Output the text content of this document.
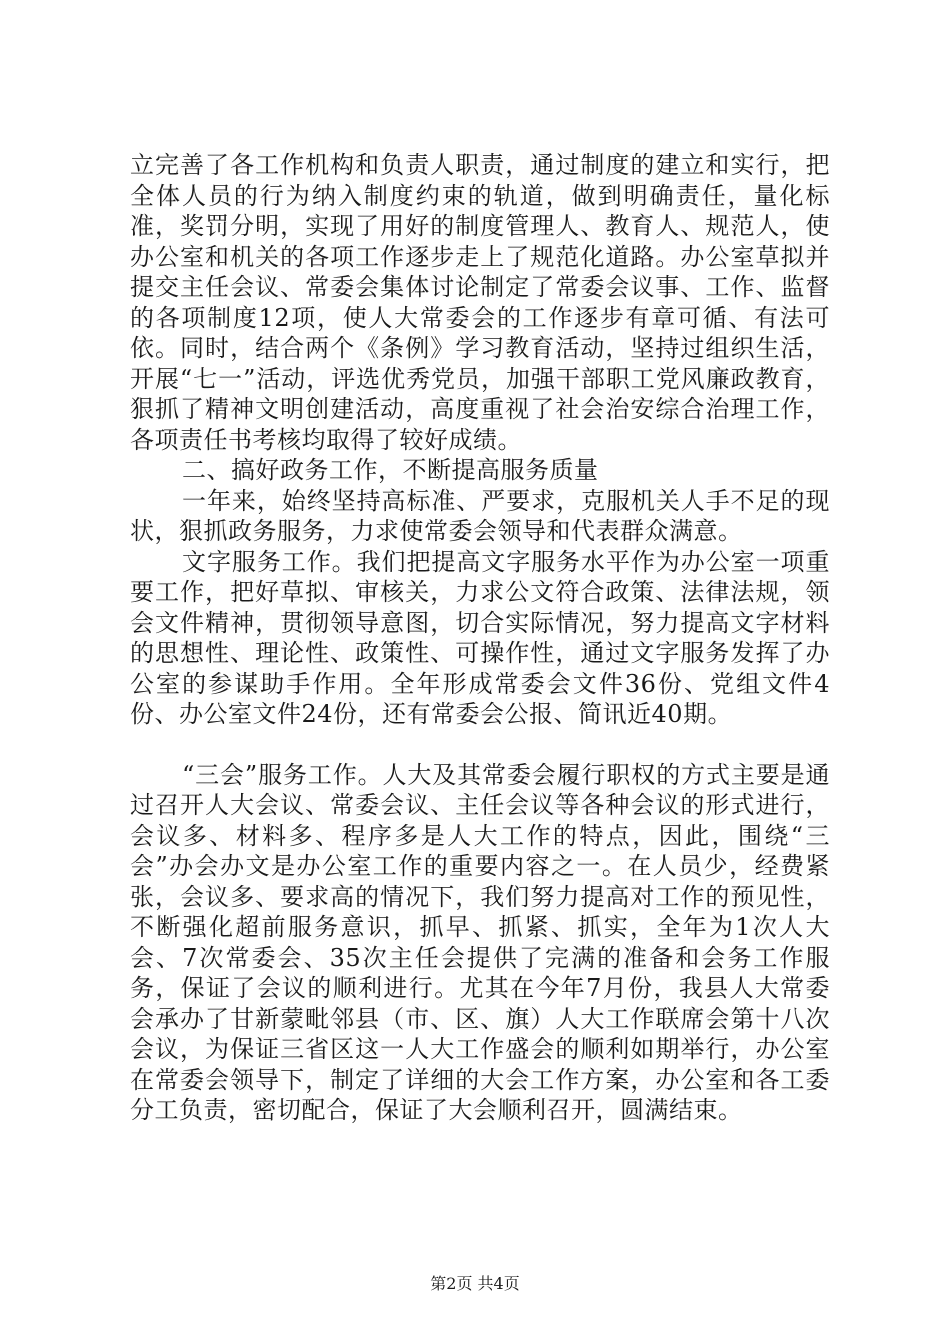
立完善了各工作机构和负责人职责，通过制度的建立和实行，把全体人员的行为纳入制度约束的轨道，做到明确责任，量化标准，奖罚分明，实现了用好的制度管理人、教育人、规范人，使办公室和机关的各项工作逐步走上了规范化道路。办公室草拟并提交主任会议、常委会集体讨论制定了常委会议事、工作、监督的各项制度12项，使人大常委会的工作逐步有章可循、有法可依。同时，结合两个《条例》学习教育活动，坚持过组织生活，开展“七一”活动，评选优秀党员，加强干部职工党风廉政教育，狠抓了精神文明创建活动，高度重视了社会治安综合治理工作，各项责任书考核均取得了较好成绩。

二、搞好政务工作，不断提高服务质量

一年来，始终坚持高标准、严要求，克服机关人手不足的现状，狠抓政务服务，力求使常委会领导和代表群众满意。

文字服务工作。我们把提高文字服务水平作为办公室一项重要工作，把好草拟、审核关，力求公文符合政策、法律法规，领会文件精神，贯彻领导意图，切合实际情况，努力提高文字材料的思想性、理论性、政策性、可操作性，通过文字服务发挥了办公室的参谋助手作用。全年形成常委会文件36份、党组文件4份、办公室文件24份，还有常委会公报、简讯近40期。

“三会”服务工作。人大及其常委会履行职权的方式主要是通过召开人大会议、常委会议、主任会议等各种会议的形式进行，会议多、材料多、程序多是人大工作的特点，因此，围绕“三会”办会办文是办公室工作的重要内容之一。在人员少，经费紧张，会议多、要求高的情况下，我们努力提高对工作的预见性，不断强化超前服务意识，抓早、抓紧、抓实，全年为1次人大会、7次常委会、35次主任会提供了完满的准备和会务工作服务，保证了会议的顺利进行。尤其在今年7月份，我县人大常委会承办了甘新蒙毗邻县（市、区、旗）人大工作联席会第十八次会议，为保证三省区这一人大工作盛会的顺利如期举行，办公室在常委会领导下，制定了详细的大会工作方案，办公室和各工委分工负责，密切配合，保证了大会顺利召开，圆满结束。

第2页 共4页
